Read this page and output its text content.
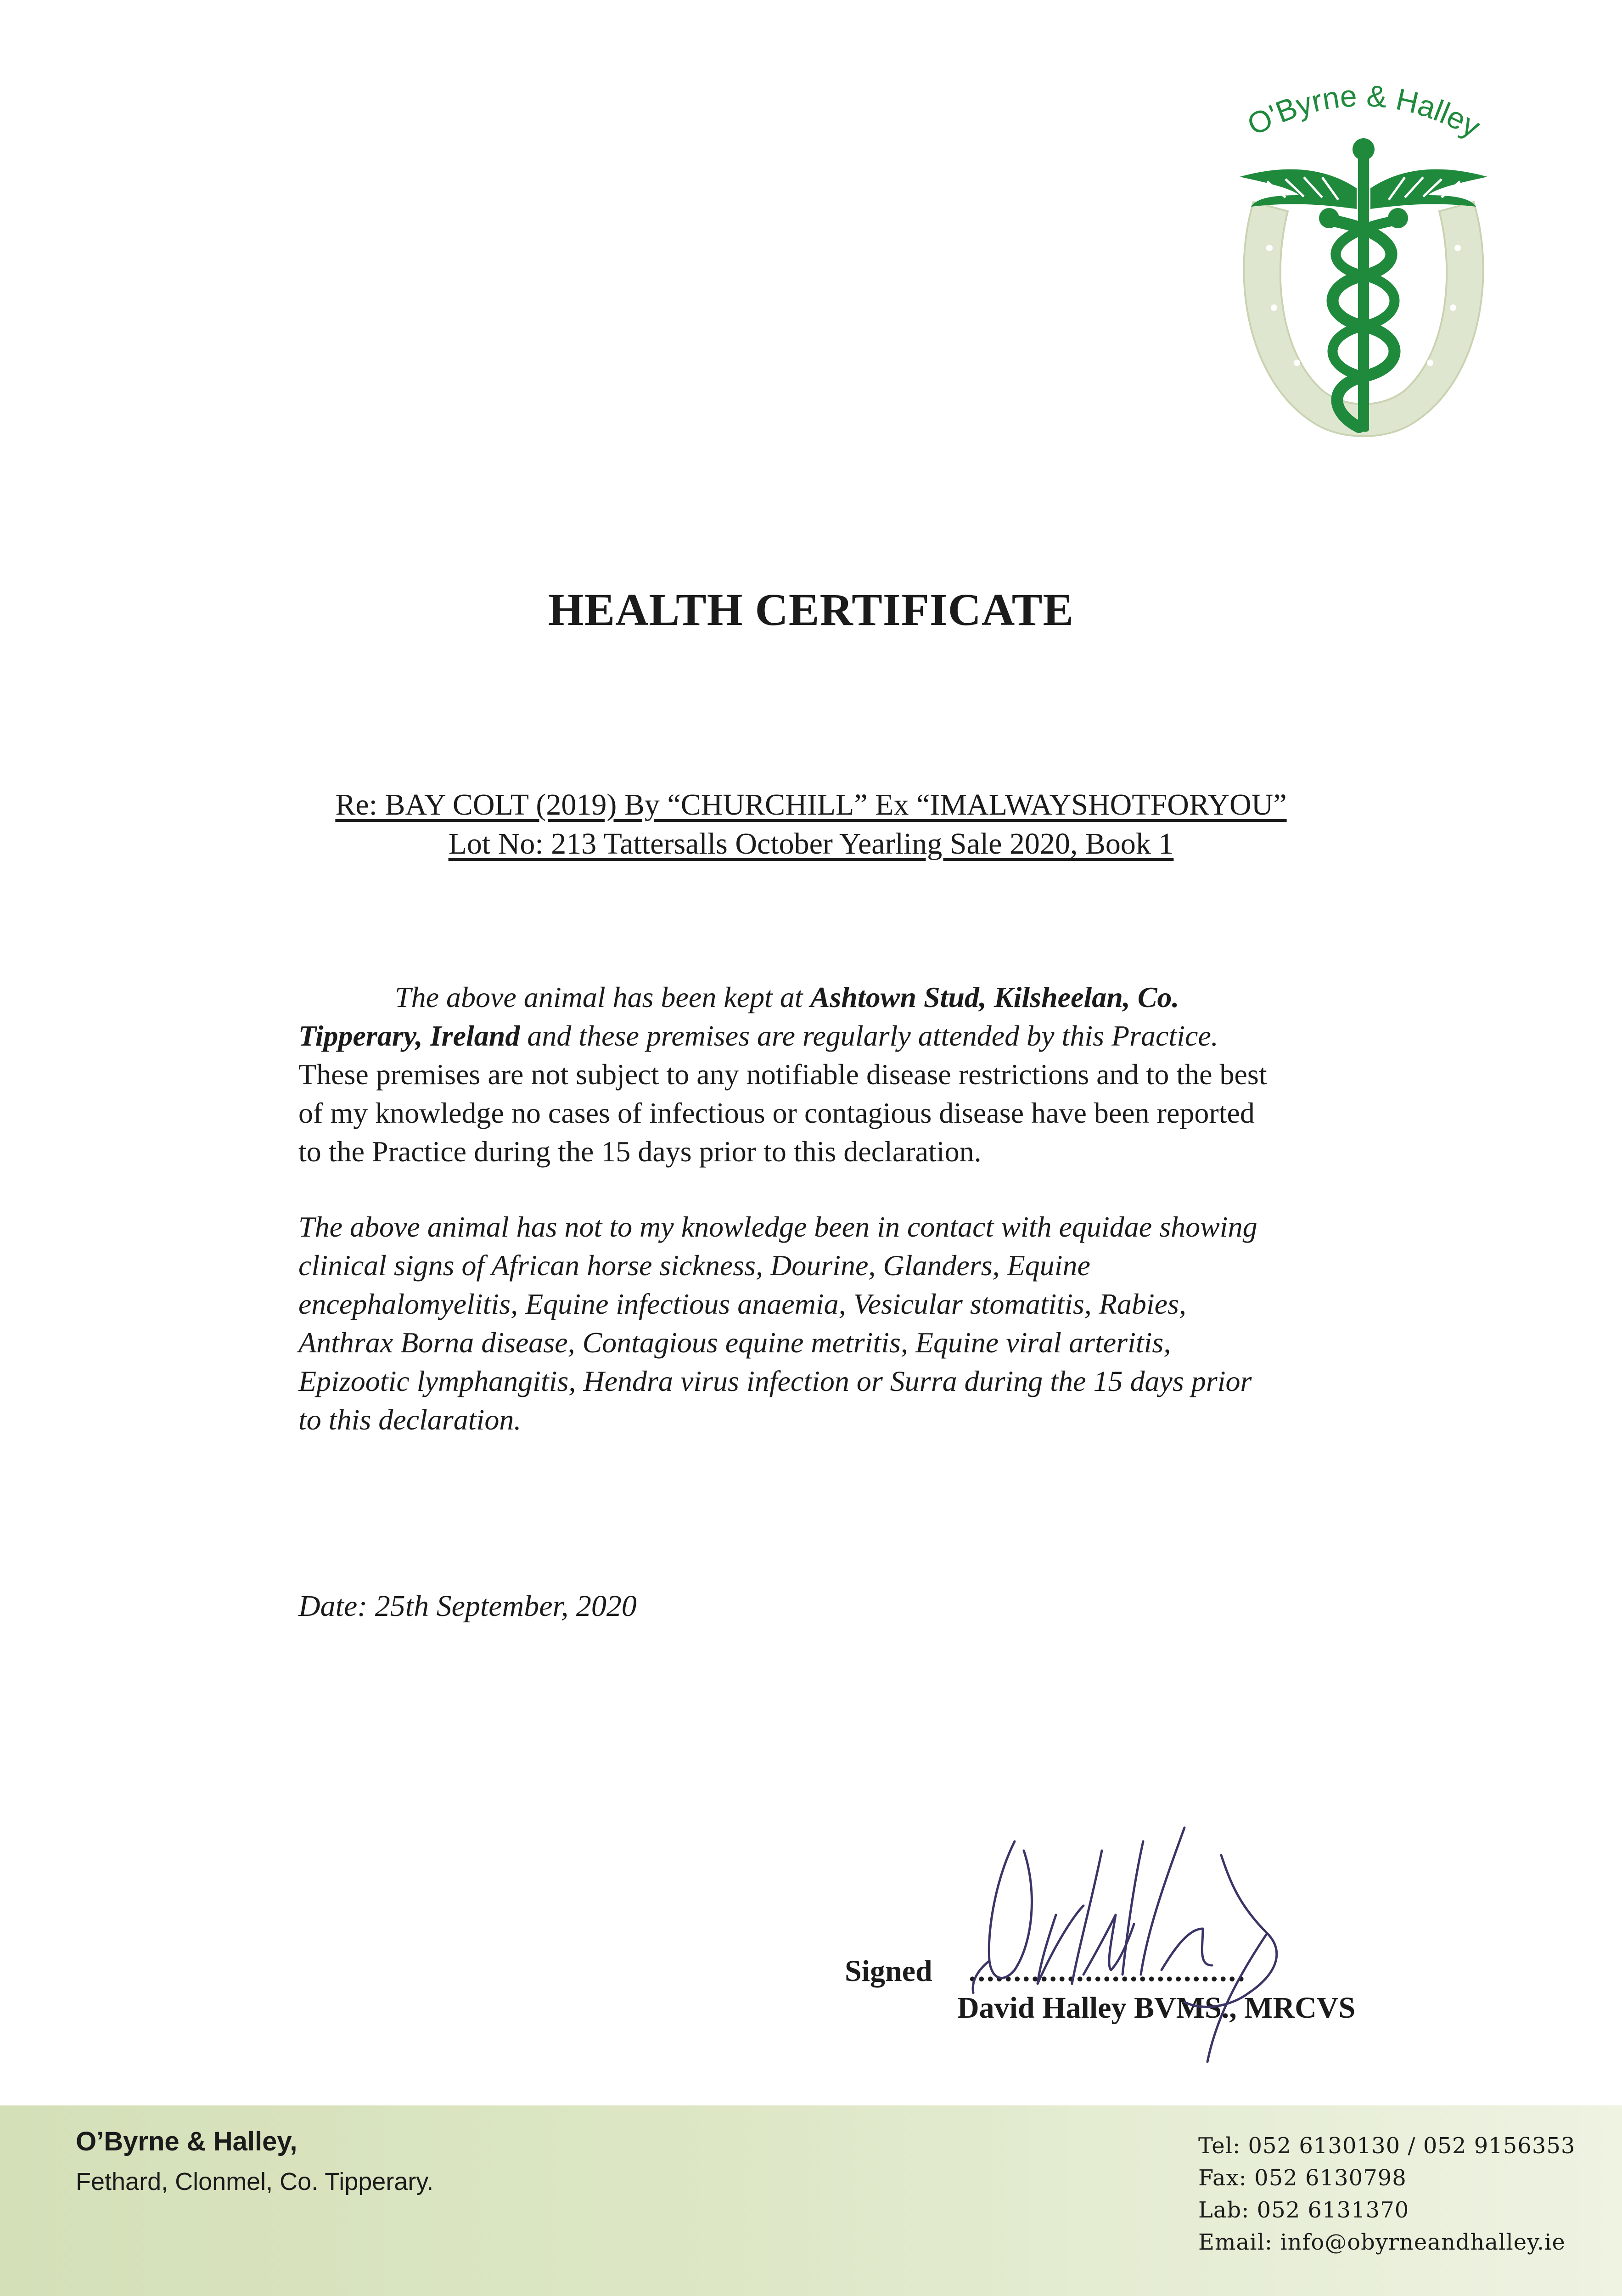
O'Byrne & Halley
HEALTH CERTIFICATE
Re: BAY COLT (2019) By “CHURCHILL” Ex “IMALWAYSHOTFORYOU”
Lot No: 213 Tattersalls October Yearling Sale 2020, Book 1
The above animal has been kept at Ashtown Stud, Kilsheelan, Co.
Tipperary, Ireland and these premises are regularly attended by this Practice.
These premises are not subject to any notifiable disease restrictions and to the best
of my knowledge no cases of infectious or contagious disease have been reported
to the Practice during the 15 days prior to this declaration.
The above animal has not to my knowledge been in contact with equidae showing
clinical signs of African horse sickness, Dourine, Glanders, Equine
encephalomyelitis, Equine infectious anaemia, Vesicular stomatitis, Rabies,
Anthrax Borna disease, Contagious equine metritis, Equine viral arteritis,
Epizootic lymphangitis, Hendra virus infection or Surra during the 15 days prior
to this declaration.
Date: 25th September, 2020
Signed ...............................
David Halley BVMS., MRCVS
O’Byrne & Halley,
Fethard, Clonmel, Co. Tipperary.
Tel: 052 6130130 / 052 9156353
Fax: 052 6130798
Lab: 052 6131370
Email: info@obyrneandhalley.ie
